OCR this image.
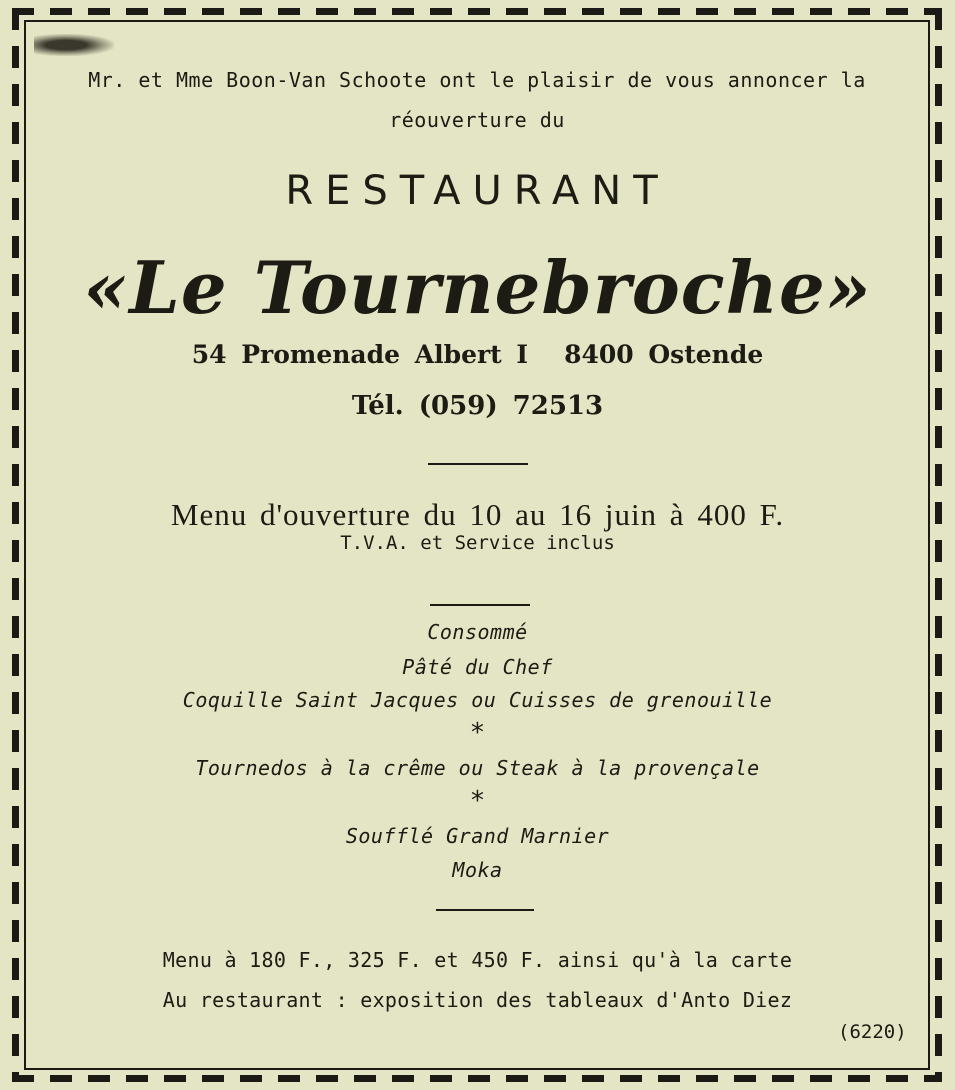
Mr. et Mme Boon-Van Schoote ont le plaisir de vous annoncer la
réouverture du
RESTAURANT
«Le Tournebroche»
54 Promenade Albert I 8400 Ostende
Tél. (059) 72513
Menu d'ouverture du 10 au 16 juin à 400 F.
T.V.A. et Service inclus
Consommé
Pâté du Chef
Coquille Saint Jacques ou Cuisses de grenouille
*
Tournedos à la crême ou Steak à la provençale
*
Soufflé Grand Marnier
Moka
Menu à 180 F., 325 F. et 450 F. ainsi qu'à la carte
Au restaurant : exposition des tableaux d'Anto Diez
(6220)
